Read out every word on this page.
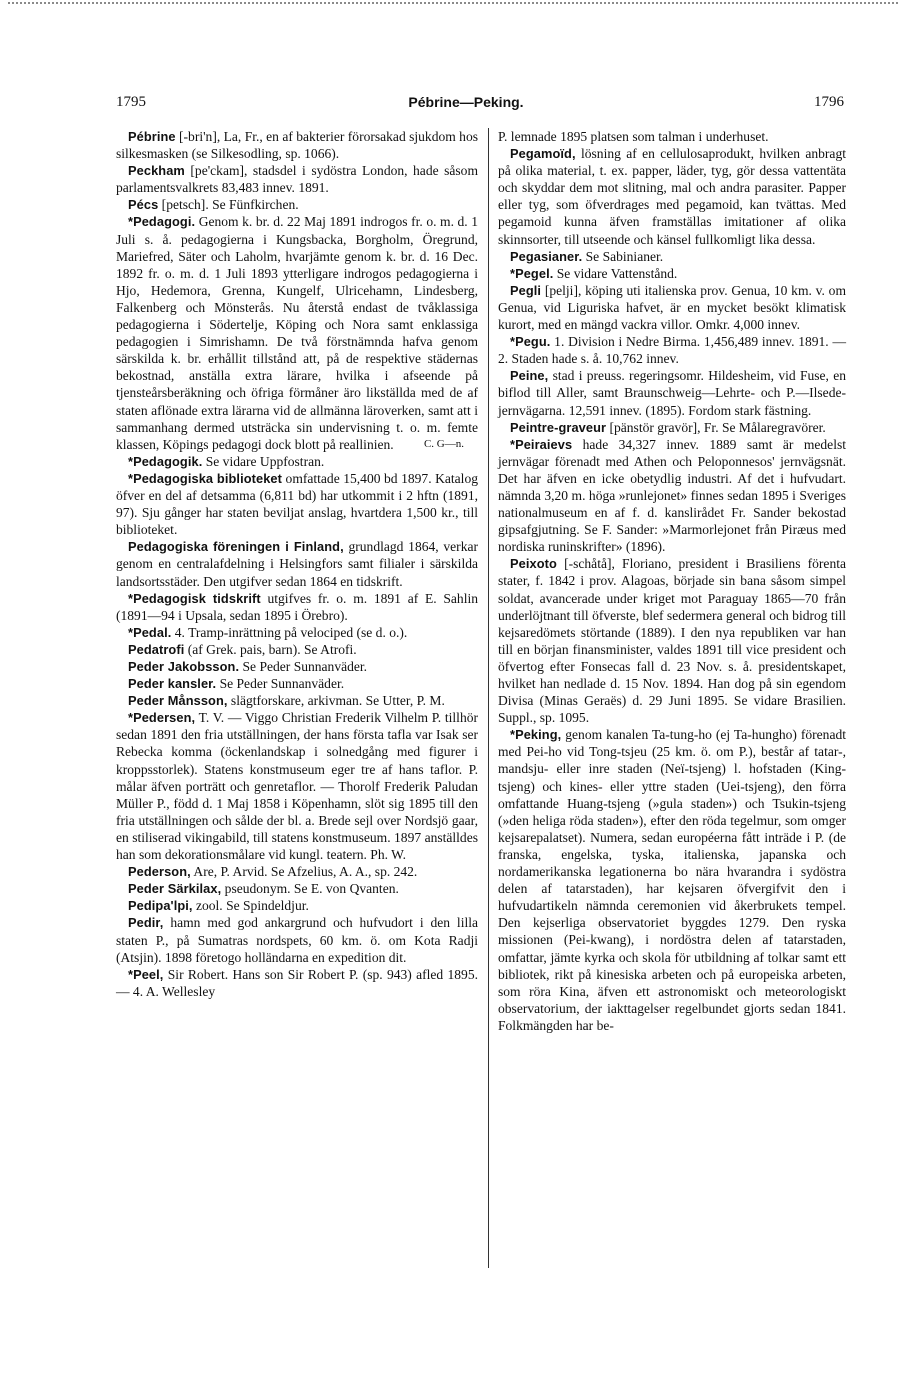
1795	Pébrine—Peking.	1796

Pébrine [-bri'n], La, Fr., en af bakterier förorsakad sjukdom hos silkesmasken (se Silkesodling, sp. 1066).

Peckham [pe'ckam], stadsdel i sydöstra London, hade såsom parlamentsvalkrets 83,483 innev. 1891.

Pécs [petsch]. Se Fünfkirchen.

*Pedagogi. Genom k. br. d. 22 Maj 1891 indrogos fr. o. m. d. 1 Juli s. å. pedagogierna i Kungsbacka, Borgholm, Öregrund, Mariefred, Säter och Laholm, hvarjämte genom k. br. d. 16 Dec. 1892 fr. o. m. d. 1 Juli 1893 ytterligare indrogos pedagogierna i Hjo, Hedemora, Grenna, Kungelf, Ulricehamn, Lindesberg, Falkenberg och Mönsterås. Nu återstå endast de tvåklassiga pedagogierna i Södertelje, Köping och Nora samt enklassiga pedagogien i Simrishamn. De två förstnämnda hafva genom särskilda k. br. erhållit tillstånd att, på de respektive städernas bekostnad, anställa extra lärare, hvilka i afseende på tjensteårsberäkning och öfriga förmåner äro likställda med de af staten aflönade extra lärarna vid de allmänna läroverken, samt att i sammanhang dermed utsträcka sin undervisning t. o. m. femte klassen, Köpings pedagogi dock blott på reallinien.	C. G—n.

*Pedagogik. Se vidare Uppfostran.

*Pedagogiska biblioteket omfattade 15,400 bd 1897. Katalog öfver en del af detsamma (6,811 bd) har utkommit i 2 hftn (1891, 97). Sju gånger har staten beviljat anslag, hvartdera 1,500 kr., till biblioteket.

Pedagogiska föreningen i Finland, grundlagd 1864, verkar genom en centralafdelning i Helsingfors samt filialer i särskilda landsortsstäder. Den utgifver sedan 1864 en tidskrift.

*Pedagogisk tidskrift utgifves fr. o. m. 1891 af E. Sahlin (1891—94 i Upsala, sedan 1895 i Örebro).

*Pedal. 4. Tramp-inrättning på velociped (se d. o.).

Pedatrofi (af Grek. pais, barn). Se Atrofi.

Peder Jakobsson. Se Peder Sunnanväder.

Peder kansler. Se Peder Sunnanväder.

Peder Månsson, slägtforskare, arkivman. Se Utter, P. M.

*Pedersen, T. V. — Viggo Christian Frederik Vilhelm P. tillhör sedan 1891 den fria utställningen, der hans första tafla var Isak ser Rebecka komma (öckenlandskap i solnedgång med figurer i kroppsstorlek). Statens konstmuseum eger tre af hans taflor. P. målar äfven porträtt och genretaflor. — Thorolf Frederik Paludan Müller P., född d. 1 Maj 1858 i Köpenhamn, slöt sig 1895 till den fria utställningen och sålde der bl. a. Brede sejl over Nordsjö gaar, en stiliserad vikingabild, till statens konstmuseum. 1897 anställdes han som dekorationsmålare vid kungl. teatern. Ph. W.

Pederson, Are, P. Arvid. Se Afzelius, A. A., sp. 242.

Peder Särkilax, pseudonym. Se E. von Qvanten.

Pedipa'lpi, zool. Se Spindeldjur.

Pedir, hamn med god ankargrund och hufvudort i den lilla staten P., på Sumatras nordspets, 60 km. ö. om Kota Radji (Atsjin). 1898 företogo holländarna en expedition dit.

*Peel, Sir Robert. Hans son Sir Robert P. (sp. 943) afled 1895. — 4. A. Wellesley

P. lemnade 1895 platsen som talman i underhuset.

Pegamoïd, lösning af en cellulosaprodukt, hvilken anbragt på olika material, t. ex. papper, läder, tyg, gör dessa vattentäta och skyddar dem mot slitning, mal och andra parasiter. Papper eller tyg, som öfverdrages med pegamoid, kan tvättas. Med pegamoid kunna äfven framställas imitationer af olika skinnsorter, till utseende och känsel fullkomligt lika dessa.

Pegasianer. Se Sabinianer.

*Pegel. Se vidare Vattenstånd.

Pegli [pelji], köping uti italienska prov. Genua, 10 km. v. om Genua, vid Liguriska hafvet, är en mycket besökt klimatisk kurort, med en mängd vackra villor. Omkr. 4,000 innev.

*Pegu. 1. Division i Nedre Birma. 1,456,489 innev. 1891. — 2. Staden hade s. å. 10,762 innev.

Peine, stad i preuss. regeringsomr. Hildesheim, vid Fuse, en biflod till Aller, samt Braunschweig—Lehrte- och P.—Ilsede-jernvägarna. 12,591 innev. (1895). Fordom stark fästning.

Peintre-graveur [pänstör gravör], Fr. Se Målaregravörer.

*Peiraievs hade 34,327 innev. 1889 samt är medelst jernvägar förenadt med Athen och Peloponnesos' jernvägsnät. Det har äfven en icke obetydlig industri. Af det i hufvudart. nämnda 3,20 m. höga »runlejonet» finnes sedan 1895 i Sveriges nationalmuseum en af f. d. kanslirådet Fr. Sander bekostad gipsafgjutning. Se F. Sander: »Marmorlejonet från Piræus med nordiska runinskrifter» (1896).

Peixoto [-schåtå], Floriano, president i Brasiliens förenta stater, f. 1842 i prov. Alagoas, började sin bana såsom simpel soldat, avancerade under kriget mot Paraguay 1865—70 från underlöjtnant till öfverste, blef sedermera general och bidrog till kejsaredömets störtande (1889). I den nya republiken var han till en början finansminister, valdes 1891 till vice president och öfvertog efter Fonsecas fall d. 23 Nov. s. å. presidentskapet, hvilket han nedlade d. 15 Nov. 1894. Han dog på sin egendom Divisa (Minas Geraës) d. 29 Juni 1895. Se vidare Brasilien. Suppl., sp. 1095.

*Peking, genom kanalen Ta-tung-ho (ej Ta-hungho) förenadt med Pei-ho vid Tong-tsjeu (25 km. ö. om P.), består af tatar-, mandsju- eller inre staden (Neï-tsjeng) l. hofstaden (King-tsjeng) och kines- eller yttre staden (Uei-tsjeng), den förra omfattande Huang-tsjeng (»gula staden») och Tsukin-tsjeng (»den heliga röda staden»), efter den röda tegelmur, som omger kejsarepalatset). Numera, sedan européerna fått inträde i P. (de franska, engelska, tyska, italienska, japanska och nordamerikanska legationerna bo nära hvarandra i sydöstra delen af tatarstaden), har kejsaren öfvergifvit den i hufvudartikeln nämnda ceremonien vid åkerbrukets tempel. Den kejserliga observatoriet byggdes 1279. Den ryska missionen (Pei-kwang), i nordöstra delen af tatarstaden, omfattar, jämte kyrka och skola för utbildning af tolkar samt ett bibliotek, rikt på kinesiska arbeten och på europeiska arbeten, som röra Kina, äfven ett astronomiskt och meteorologiskt observatorium, der iakttagelser regelbundet gjorts sedan 1841. Folkmängden har be-
